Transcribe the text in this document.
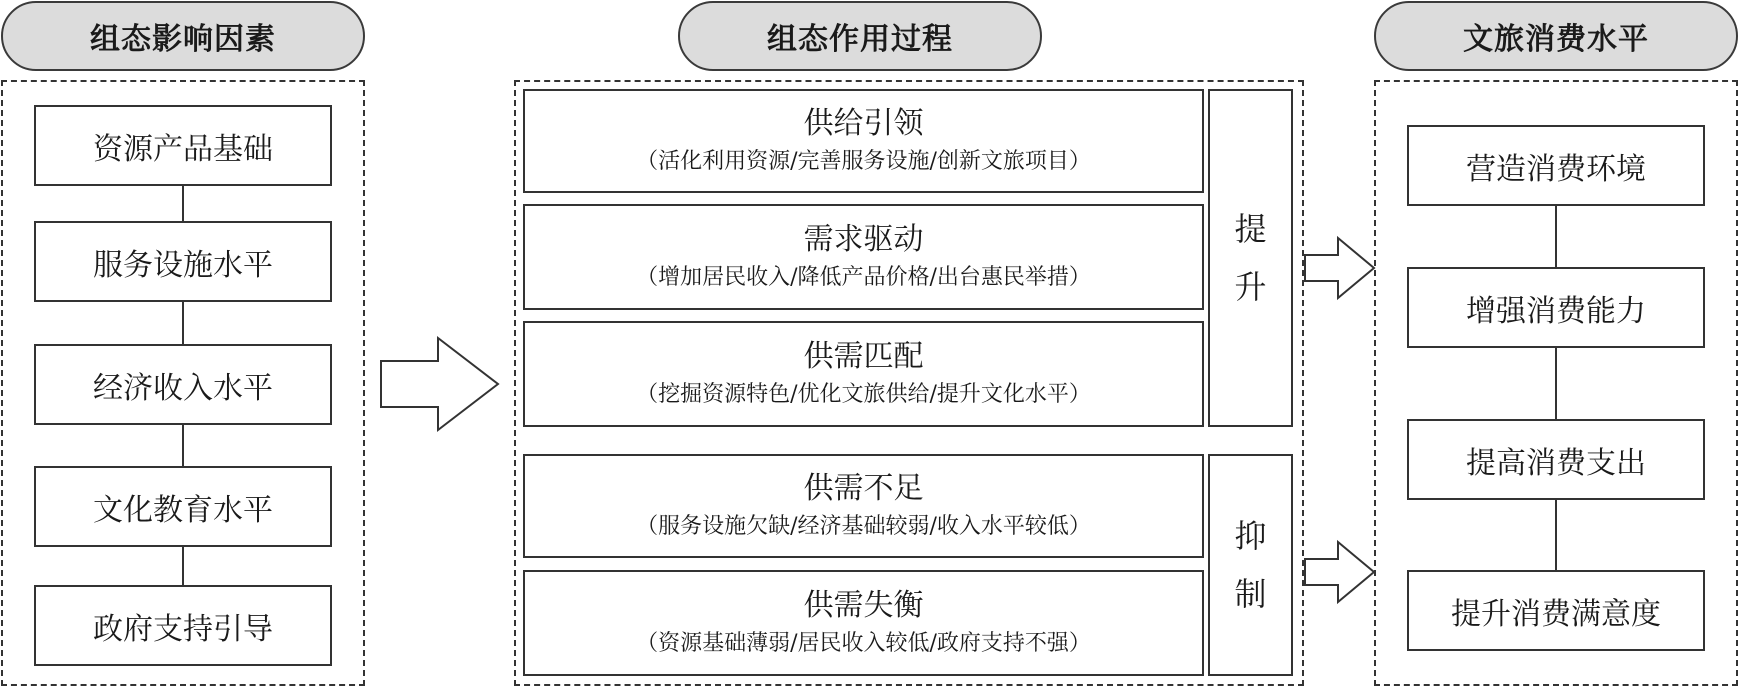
组态影响因素	组态作用过程	文旅消费水平
资源产品基础
服务设施水平
经济收入水平
文化教育水平
政府支持引导
供给引领
（活化利用资源/完善服务设施/创新文旅项目）
需求驱动
（增加居民收入/降低产品价格/出台惠民举措）
供需匹配
（挖掘资源特色/优化文旅供给/提升文化水平）
提
升
供需不足
（服务设施欠缺/经济基础较弱/收入水平较低）
供需失衡
（资源基础薄弱/居民收入较低/政府支持不强）
抑
制
营造消费环境
增强消费能力
提高消费支出
提升消费满意度
